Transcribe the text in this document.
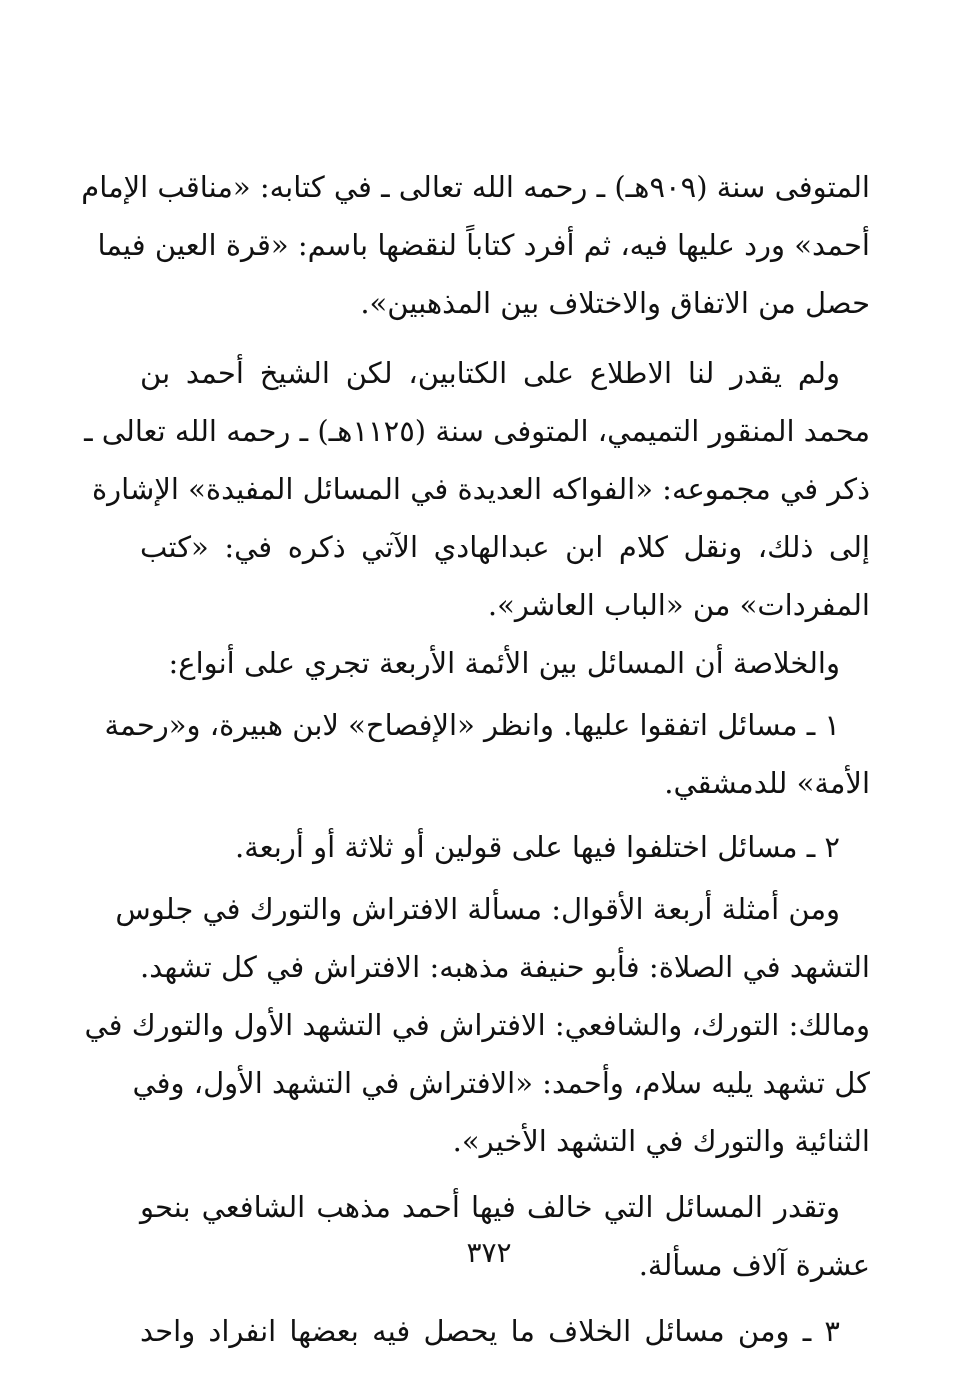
المتوفى سنة (٩٠٩هـ) ـ رحمه الله تعالى ـ في كتابه: «مناقب الإمام
أحمد» ورد عليها فيه، ثم أفرد كتاباً لنقضها باسم: «قرة العين فيما
حصل من الاتفاق والاختلاف بين المذهبين».
ولم يقدر لنا الاطلاع على الكتابين، لكن الشيخ أحمد بن
محمد المنقور التميمي، المتوفى سنة (١١٢٥هـ) ـ رحمه الله تعالى ـ
ذكر في مجموعه: «الفواكه العديدة في المسائل المفيدة» الإشارة
إلى ذلك، ونقل كلام ابن عبدالهادي الآتي ذكره في: «كتب
المفردات» من «الباب العاشر».
والخلاصة أن المسائل بين الأئمة الأربعة تجري على أنواع:
١ ـ مسائل اتفقوا عليها. وانظر «الإفصاح» لابن هبيرة، و«رحمة
الأمة» للدمشقي.
٢ ـ مسائل اختلفوا فيها على قولين أو ثلاثة أو أربعة.
ومن أمثلة أربعة الأقوال: مسألة الافتراش والتورك في جلوس
التشهد في الصلاة: فأبو حنيفة مذهبه: الافتراش في كل تشهد.
ومالك: التورك، والشافعي: الافتراش في التشهد الأول والتورك في
كل تشهد يليه سلام، وأحمد: «الافتراش في التشهد الأول، وفي
الثنائية والتورك في التشهد الأخير».
وتقدر المسائل التي خالف فيها أحمد مذهب الشافعي بنحو
عشرة آلاف مسألة.
٣ ـ ومن مسائل الخلاف ما يحصل فيه بعضها انفراد واحد
٣٧٢
